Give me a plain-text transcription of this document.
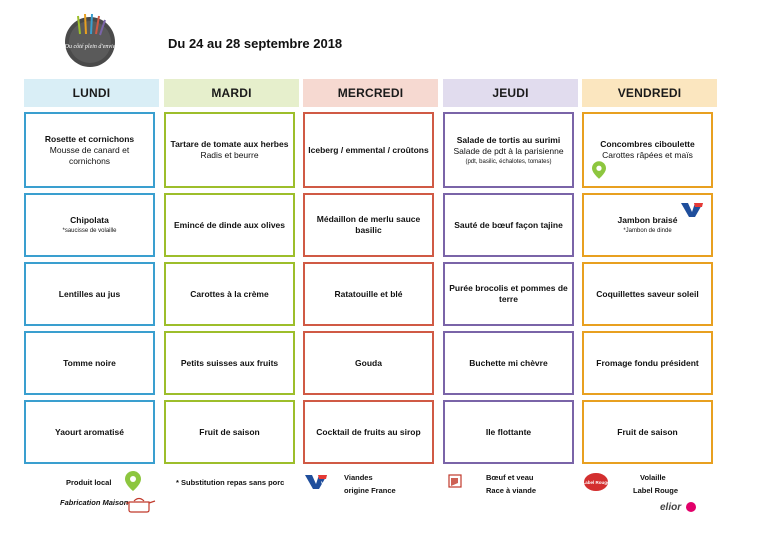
Du côté plein d'envie	Du 24 au 28 septembre 2018
LUNDI
Rosette et cornichons
Mousse de canard et cornichons
Chipolata
*saucisse de volaille
Lentilles au jus
Tomme noire
Yaourt aromatisé
MARDI
Tartare de tomate aux herbes
Radis et beurre
Emincé de dinde aux olives
Carottes à la crème
Petits suisses aux fruits
Fruit de saison
MERCREDI
Iceberg / emmental / croûtons
Médaillon de merlu sauce basilic
Ratatouille et blé
Gouda
Cocktail de fruits au sirop
JEUDI
Salade de tortis au surimi
Salade de pdt à la parisienne
(pdt, basilic, échalotes, tomates)
Sauté de bœuf façon tajine
Purée brocolis et pommes de terre
Buchette mi chèvre
Ile flottante
VENDREDI
Concombres ciboulette
Carottes râpées et maïs
Jambon braisé
*Jambon de dinde
Coquillettes saveur soleil
Fromage fondu président
Fruit de saison
Produit local
Fabrication Maison
* Substitution repas sans porc	VF
Viandes
origine France
Bœuf et veau
Race à viande
Label Rouge
Volaille
Label Rouge
elior
